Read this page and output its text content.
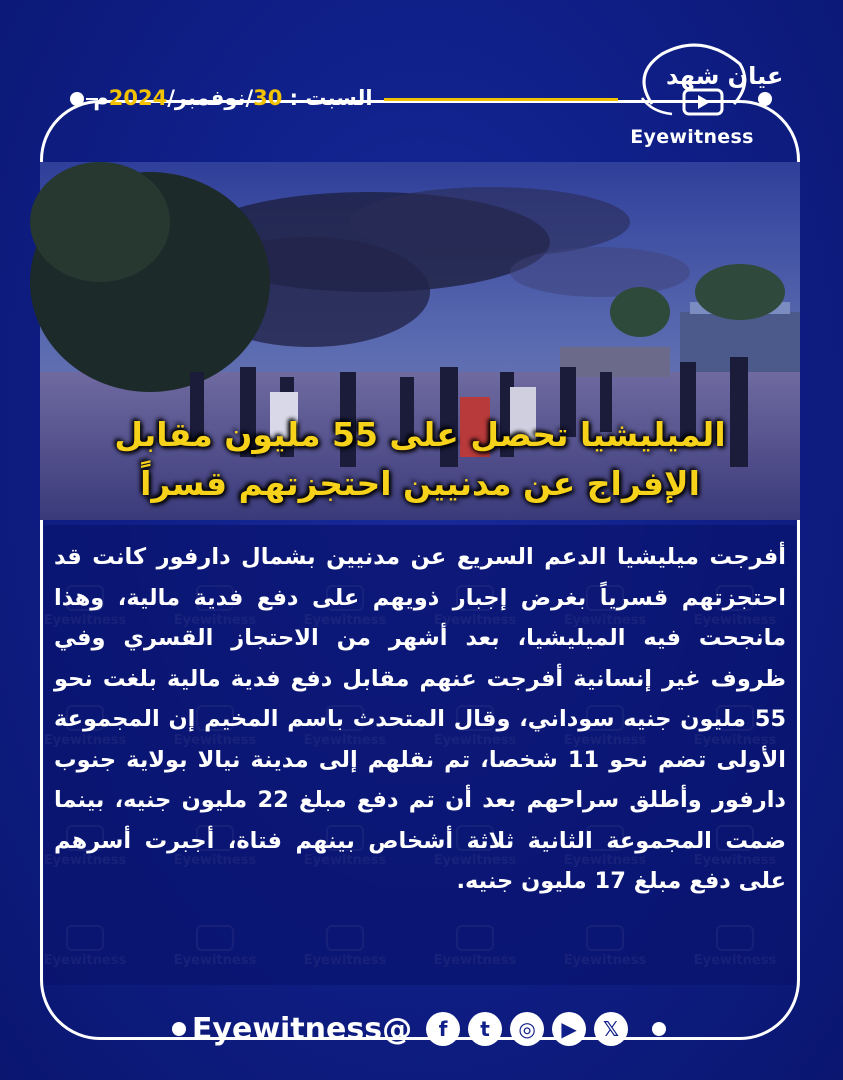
السبت : 30/نوفمبر/2024م
عيان شهد
Eyewitness
الميليشيا تحصل على 55 مليون مقابل
الإفراج عن مدنيين احتجزتهم قسراً
أفرجت ميليشيا الدعم السريع عن مدنيين بشمال دارفور كانت قد احتجزتهم قسرياً بغرض إجبار ذويهم على دفع فدية مالية، وهذا مانجحت فيه الميليشيا، بعد أشهر من الاحتجاز القسري وفي ظروف غير إنسانية أفرجت عنهم مقابل دفع فدية مالية بلغت نحو 55 مليون جنيه سوداني، وقال المتحدث باسم المخيم إن المجموعة الأولى تضم نحو 11 شخصا، تم نقلهم إلى مدينة نيالا بولاية جنوب دارفور وأطلق سراحهم بعد أن تم دفع مبلغ 22 مليون جنيه، بينما ضمت المجموعة الثانية ثلاثة أشخاص بينهم فتاة، أجبرت أسرهم على دفع مبلغ 17 مليون جنيه.
Eyewitness@	f	t	◎	▶	𝕏
